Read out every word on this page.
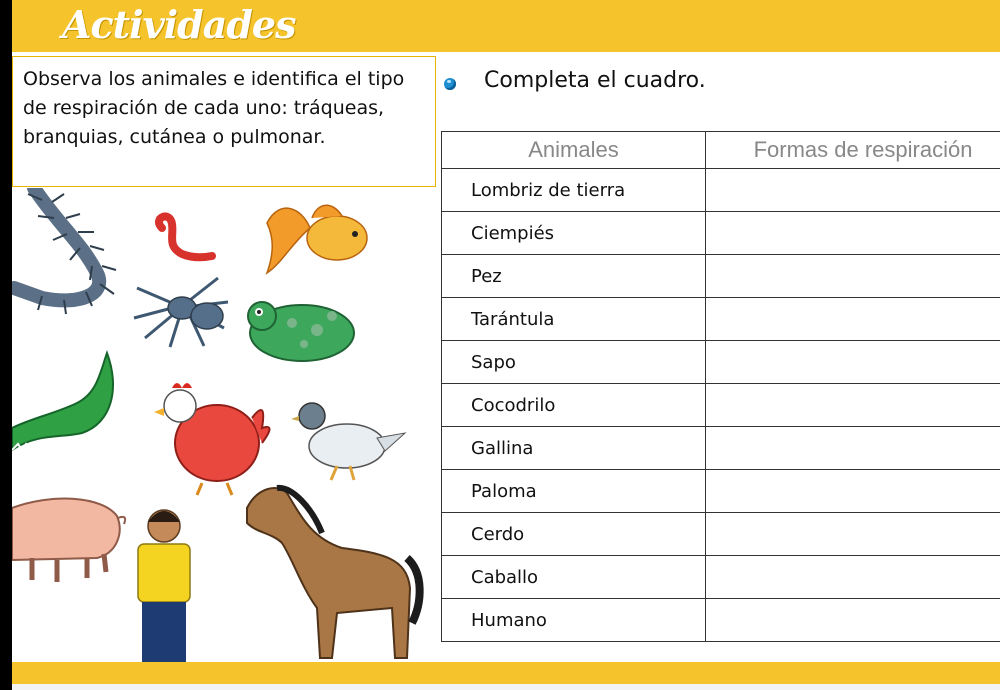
Actividades
Observa los animales e identifica el tipo de respiración de cada uno: tráqueas, branquias, cutánea o pulmonar.
Completa el cuadro.
Animales	Formas de respiración
Lombriz de tierra	
Ciempiés	
Pez	
Tarántula	
Sapo	
Cocodrilo	
Gallina	
Paloma	
Cerdo	
Caballo	
Humano	
